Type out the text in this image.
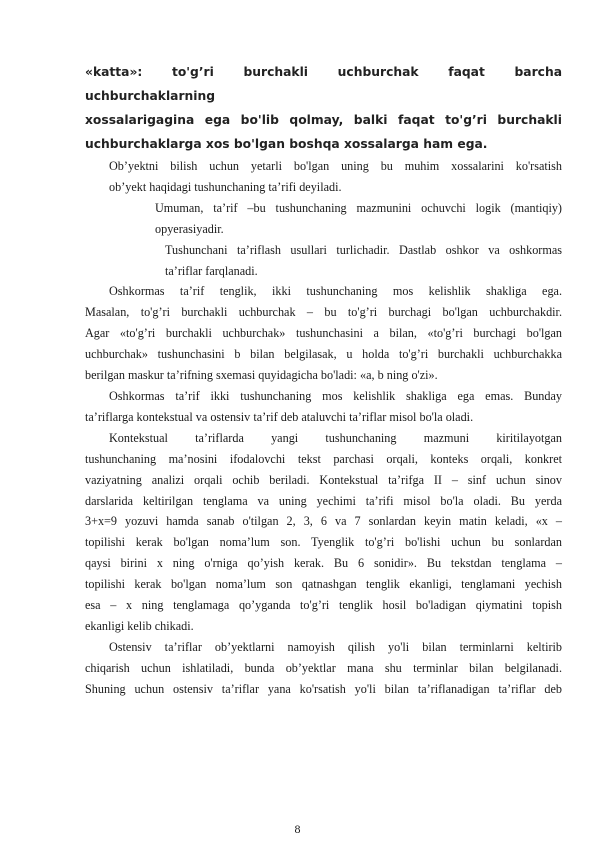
«katta»: to'g’ri burchakli uchburchak faqat barcha uchburchaklarning
xossalarigagina ega bo'lib qolmay, balki faqat to'g’ri burchakli
uchburchaklarga xos bo'lgan boshqa xossalarga ham ega.
Ob’yektni bilish uchun yetarli bo'lgan uning bu muhim xossalarini ko'rsatish
ob’yekt haqidagi tushunchaning ta’rifi deyiladi.
Umuman, ta’rif –bu tushunchaning mazmunini ochuvchi logik (mantiqiy)
opyerasiyadir.
Tushunchani ta’riflash usullari turlichadir. Dastlab oshkor va oshkormas
ta’riflar farqlanadi.
Oshkormas ta’rif tenglik, ikki tushunchaning mos kelishlik shakliga ega.
Masalan, to'g’ri burchakli uchburchak – bu to'g’ri burchagi bo'lgan uchburchakdir.
Agar «to'g’ri burchakli uchburchak» tushunchasini a bilan, «to'g’ri burchagi bo'lgan
uchburchak» tushunchasini b bilan belgilasak, u holda to'g’ri burchakli uchburchakka
berilgan maskur ta’rifning sxemasi quyidagicha bo'ladi: «a, b ning o'zi».
Oshkormas ta’rif ikki tushunchaning mos kelishlik shakliga ega emas. Bunday
ta’riflarga kontekstual va ostensiv ta’rif deb ataluvchi ta’riflar misol bo'la oladi.
Kontekstual ta’riflarda yangi tushunchaning mazmuni kiritilayotgan
tushunchaning ma’nosini ifodalovchi tekst parchasi orqali, konteks orqali, konkret
vaziyatning analizi orqali ochib beriladi. Kontekstual ta’rifga II – sinf uchun sinov
darslarida keltirilgan tenglama va uning yechimi ta’rifi misol bo'la oladi. Bu yerda
3+x=9 yozuvi hamda sanab o'tilgan 2, 3, 6 va 7 sonlardan keyin matin keladi, «x –
topilishi kerak bo'lgan noma’lum son. Tyenglik to'g’ri bo'lishi uchun bu sonlardan
qaysi birini x ning o'rniga qo’yish kerak. Bu 6 sonidir». Bu tekstdan tenglama –
topilishi kerak bo'lgan noma’lum son qatnashgan tenglik ekanligi, tenglamani yechish
esa – x ning tenglamaga qo’yganda to'g’ri tenglik hosil bo'ladigan qiymatini topish
ekanligi kelib chikadi.
Ostensiv ta’riflar ob’yektlarni namoyish qilish yo'li bilan terminlarni keltirib
chiqarish uchun ishlatiladi, bunda ob’yektlar mana shu terminlar bilan belgilanadi.
Shuning uchun ostensiv ta’riflar yana ko'rsatish yo'li bilan ta’riflanadigan ta’riflar deb
8
